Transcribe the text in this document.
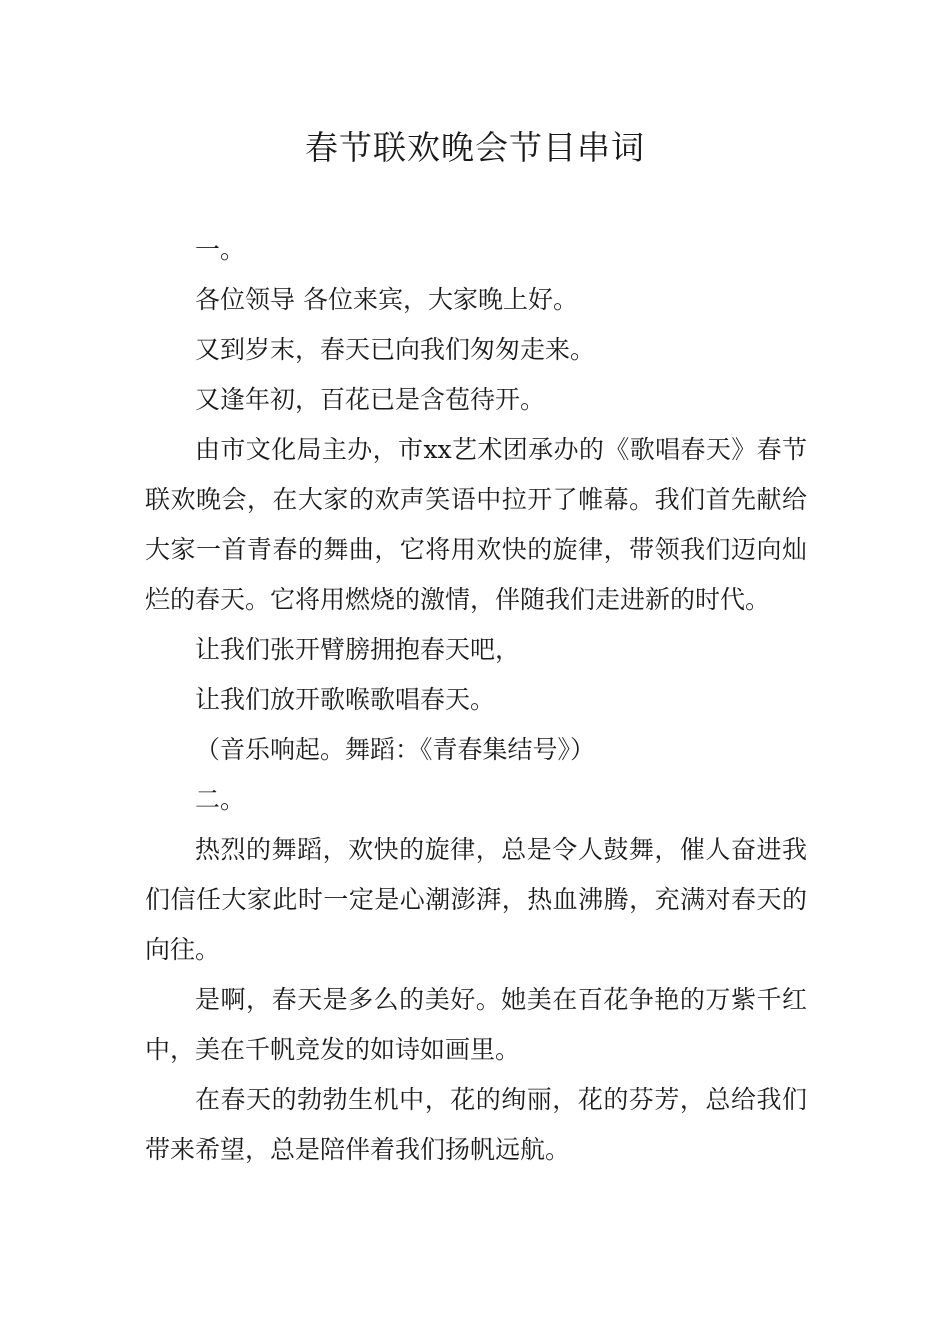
春节联欢晚会节目串词

一。

各位领导 各位来宾，大家晚上好。

又到岁末，春天已向我们匆匆走来。

又逢年初，百花已是含苞待开。

由市文化局主办，市xx艺术团承办的《歌唱春天》春节联欢晚会，在大家的欢声笑语中拉开了帷幕。我们首先献给大家一首青春的舞曲，它将用欢快的旋律，带领我们迈向灿烂的春天。它将用燃烧的激情，伴随我们走进新的时代。

让我们张开臂膀拥抱春天吧，

让我们放开歌喉歌唱春天。

（音乐响起。舞蹈：《青春集结号》）

二。

热烈的舞蹈，欢快的旋律，总是令人鼓舞，催人奋进我们信任大家此时一定是心潮澎湃，热血沸腾，充满对春天的向往。

是啊，春天是多么的美好。她美在百花争艳的万紫千红中，美在千帆竞发的如诗如画里。

在春天的勃勃生机中，花的绚丽，花的芬芳，总给我们带来希望，总是陪伴着我们扬帆远航。
